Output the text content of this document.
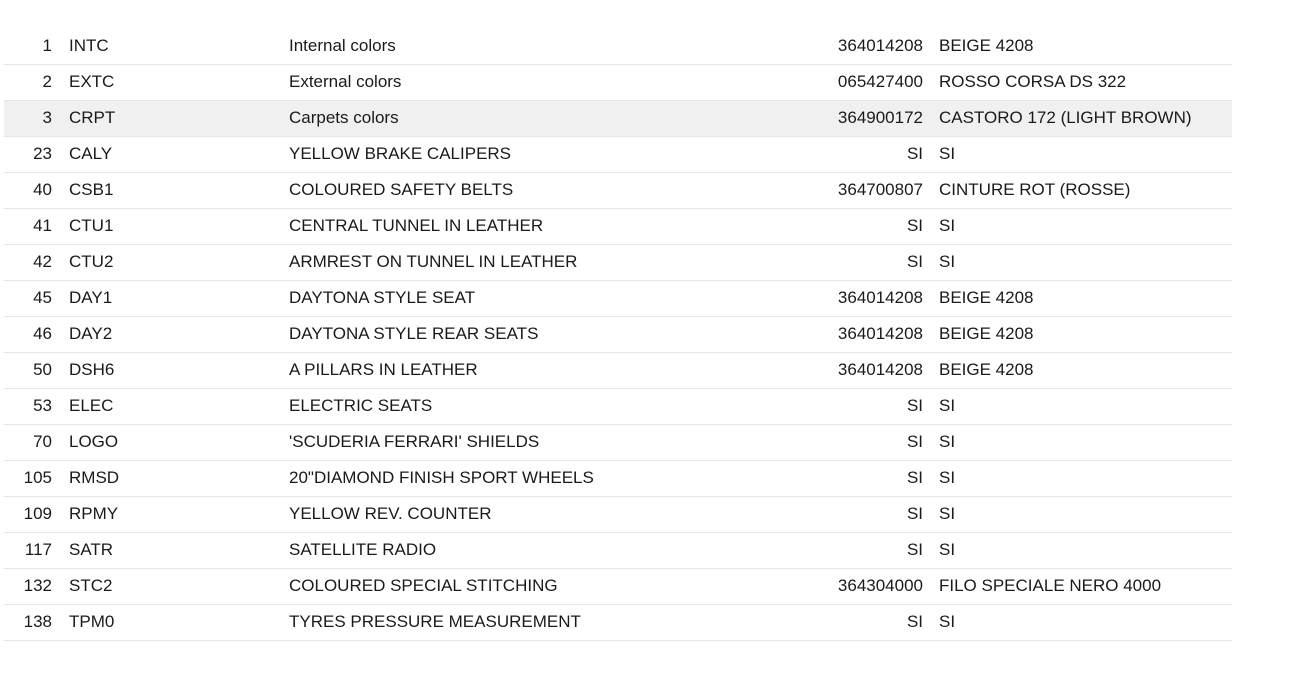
1	INTC	Internal colors	364014208	BEIGE 4208
2	EXTC	External colors	065427400	ROSSO CORSA DS 322
3	CRPT	Carpets colors	364900172	CASTORO 172 (LIGHT BROWN)
23	CALY	YELLOW BRAKE CALIPERS	SI	SI
40	CSB1	COLOURED SAFETY BELTS	364700807	CINTURE ROT (ROSSE)
41	CTU1	CENTRAL TUNNEL IN LEATHER	SI	SI
42	CTU2	ARMREST ON TUNNEL IN LEATHER	SI	SI
45	DAY1	DAYTONA STYLE SEAT	364014208	BEIGE 4208
46	DAY2	DAYTONA STYLE REAR SEATS	364014208	BEIGE 4208
50	DSH6	A PILLARS IN LEATHER	364014208	BEIGE 4208
53	ELEC	ELECTRIC SEATS	SI	SI
70	LOGO	'SCUDERIA FERRARI' SHIELDS	SI	SI
105	RMSD	20"DIAMOND FINISH SPORT WHEELS	SI	SI
109	RPMY	YELLOW REV. COUNTER	SI	SI
117	SATR	SATELLITE RADIO	SI	SI
132	STC2	COLOURED SPECIAL STITCHING	364304000	FILO SPECIALE NERO 4000
138	TPM0	TYRES PRESSURE MEASUREMENT	SI	SI
